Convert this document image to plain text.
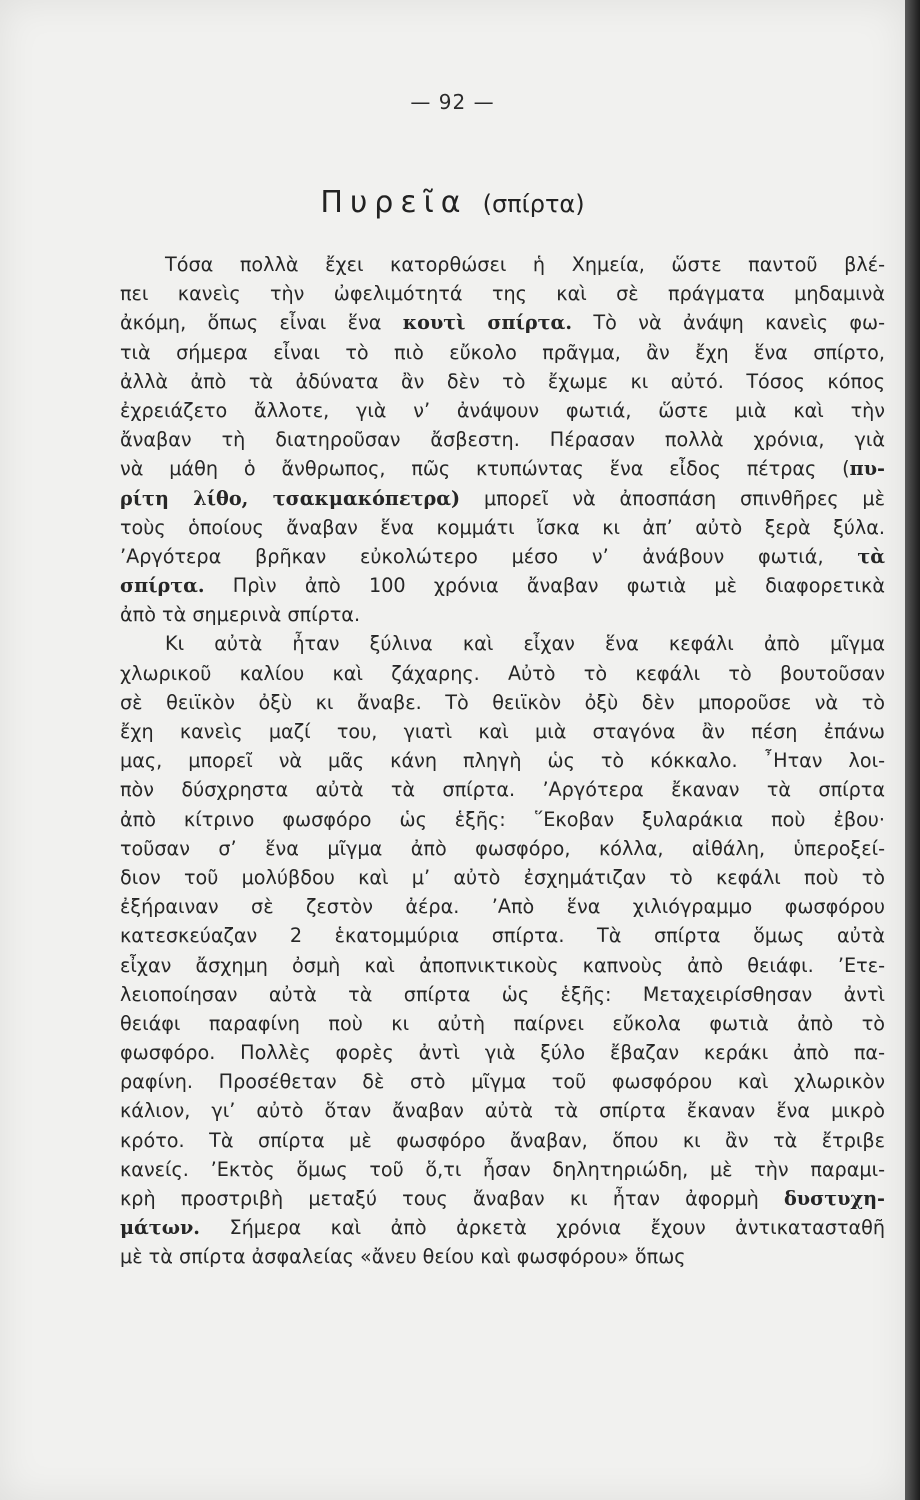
— 92 —
Πυρεῖα (σπίρτα)
Τόσα πολλὰ ἔχει κατορθώσει ἡ Χημεία, ὥστε παντοῦ βλέ-
πει κανεὶς τὴν ὠφελιμότητά της καὶ σὲ πράγματα μηδαμινὰ
ἀκόμη, ὅπως εἶναι ἕνα κουτὶ σπίρτα. Τὸ νὰ ἀνάψη κανεὶς φω-
τιὰ σήμερα εἶναι τὸ πιὸ εὔκολο πρᾶγμα, ἂν ἔχη ἕνα σπίρτο,
ἀλλὰ ἀπὸ τὰ ἀδύνατα ἂν δὲν τὸ ἔχωμε κι αὐτό. Τόσος κόπος
ἐχρειάζετο ἄλλοτε, γιὰ ν’ ἀνάψουν φωτιά, ὥστε μιὰ καὶ τὴν
ἄναβαν τὴ διατηροῦσαν ἄσβεστη. Πέρασαν πολλὰ χρόνια, γιὰ
νὰ μάθη ὁ ἄνθρωπος, πῶς κτυπώντας ἕνα εἶδος πέτρας (πυ-
ρίτη λίθο, τσακμακόπετρα) μπορεῖ νὰ ἀποσπάση σπινθῆρες μὲ
τοὺς ὁποίους ἄναβαν ἕνα κομμάτι ἴσκα κι ἀπ’ αὐτὸ ξερὰ ξύλα.
’Αργότερα βρῆκαν εὐκολώτερο μέσο ν’ ἀνάβουν φωτιά, τὰ
σπίρτα. Πρὶν ἀπὸ 100 χρόνια ἄναβαν φωτιὰ μὲ διαφορετικὰ
ἀπὸ τὰ σημερινὰ σπίρτα.
Κι αὐτὰ ἦταν ξύλινα καὶ εἶχαν ἕνα κεφάλι ἀπὸ μῖγμα
χλωρικοῦ καλίου καὶ ζάχαρης. Αὐτὸ τὸ κεφάλι τὸ βουτοῦσαν
σὲ θειϊκὸν ὀξὺ κι ἄναβε. Τὸ θειϊκὸν ὀξὺ δὲν μποροῦσε νὰ τὸ
ἔχη κανεὶς μαζί του, γιατὶ καὶ μιὰ σταγόνα ἂν πέση ἐπάνω
μας, μπορεῖ νὰ μᾶς κάνη πληγὴ ὡς τὸ κόκκαλο. ῏Ηταν λοι-
πὸν δύσχρηστα αὐτὰ τὰ σπίρτα. ’Αργότερα ἔκαναν τὰ σπίρτα
ἀπὸ κίτρινο φωσφόρο ὡς ἑξῆς: ῞Εκοβαν ξυλαράκια ποὺ ἐβου·
τοῦσαν σ’ ἕνα μῖγμα ἀπὸ φωσφόρο, κόλλα, αἰθάλη, ὑπεροξεί-
διον τοῦ μολύβδου καὶ μ’ αὐτὸ ἐσχημάτιζαν τὸ κεφάλι ποὺ τὸ
ἐξήραιναν σὲ ζεστὸν ἀέρα. ’Απὸ ἕνα χιλιόγραμμο φωσφόρου
κατεσκεύαζαν 2 ἑκατομμύρια σπίρτα. Τὰ σπίρτα ὅμως αὐτὰ
εἶχαν ἄσχημη ὀσμὴ καὶ ἀποπνικτικοὺς καπνοὺς ἀπὸ θειάφι. ’Ετε-
λειοποίησαν αὐτὰ τὰ σπίρτα ὡς ἑξῆς: Μεταχειρίσθησαν ἀντὶ
θειάφι παραφίνη ποὺ κι αὐτὴ παίρνει εὔκολα φωτιὰ ἀπὸ τὸ
φωσφόρο. Πολλὲς φορὲς ἀντὶ γιὰ ξύλο ἔβαζαν κεράκι ἀπὸ πα-
ραφίνη. Προσέθεταν δὲ στὸ μῖγμα τοῦ φωσφόρου καὶ χλωρικὸν
κάλιον, γι’ αὐτὸ ὅταν ἄναβαν αὐτὰ τὰ σπίρτα ἔκαναν ἕνα μικρὸ
κρότο. Τὰ σπίρτα μὲ φωσφόρο ἄναβαν, ὅπου κι ἂν τὰ ἔτριβε
κανείς. ’Εκτὸς ὅμως τοῦ ὅ,τι ἦσαν δηλητηριώδη, μὲ τὴν παραμι-
κρὴ προστριβὴ μεταξύ τους ἄναβαν κι ἦταν ἀφορμὴ δυστυχη-
μάτων. Σήμερα καὶ ἀπὸ ἀρκετὰ χρόνια ἔχουν ἀντικατασταθῆ
μὲ τὰ σπίρτα ἀσφαλείας «ἄνευ θείου καὶ φωσφόρου» ὅπως
